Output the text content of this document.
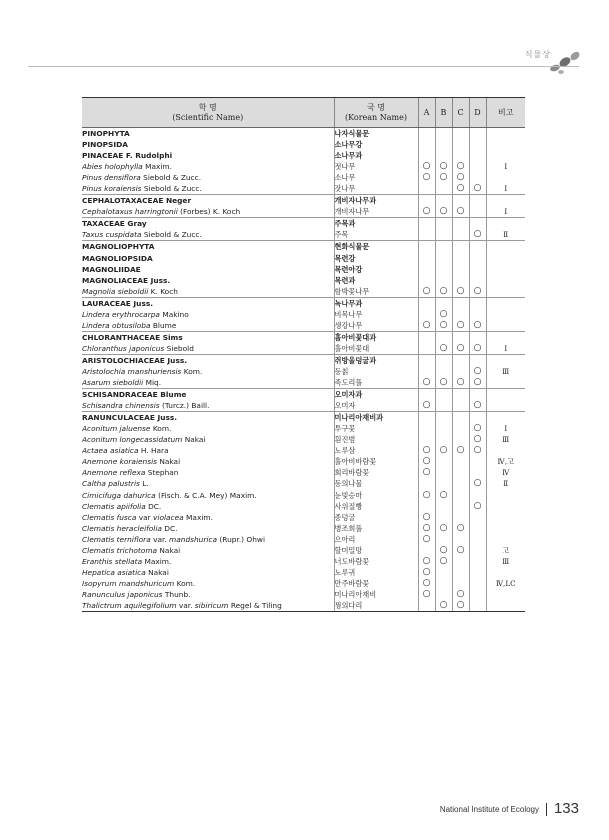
식물상
학 명
(Scientific Name)	국 명
(Korean Name)	A	B	C	D	비고
PINOPHYTA	나자식물문					
PINOPSIDA	소나무강					
PINACEAE F. Rudolphi	소나무과					
Abies holophylla Maxim.	젓나무	○	○	○		Ⅰ
Pinus densiflora Siebold & Zucc.	소나무	○	○	○		
Pinus koraiensis Siebold & Zucc.	잣나무			○	○	Ⅰ
CEPHALOTAXACEAE Neger	개비자나무과					
Cephalotaxus harringtonii (Forbes) K. Koch	개비자나무	○	○	○		Ⅰ
TAXACEAE Gray	주목과					
Taxus cuspidata Siebold & Zucc.	주목				○	Ⅱ
MAGNOLIOPHYTA	현화식물문					
MAGNOLIOPSIDA	목련강					
MAGNOLIIDAE	목련아강					
MAGNOLIACEAE Juss.	목련과					
Magnolia sieboldii K. Koch	함박꽃나무	○	○	○	○	
LAURACEAE Juss.	녹나무과					
Lindera erythrocarpa Makino	비목나무		○			
Lindera obtusiloba Blume	생강나무	○	○	○	○	
CHLORANTHACEAE Sims	홀아비꽃대과					
Chloranthus japonicus Siebold	홀아비꽃대		○	○	○	Ⅰ
ARISTOLOCHIACEAE Juss.	쥐방울덩굴과					
Aristolochia manshuriensis Kom.	등칡				○	Ⅲ
Asarum sieboldii Miq.	족도리풀	○	○	○	○	
SCHISANDRACEAE Blume	오미자과					
Schisandra chinensis (Turcz.) Baill.	오미자	○			○	
RANUNCULACEAE Juss.	미나리아재비과					
Aconitum jaluense Kom.	투구꽃				○	Ⅰ
Aconitum longecassidatum Nakai	흰진범				○	Ⅲ
Actaea asiatica H. Hara	노루삼	○	○	○	○	
Anemone koraiensis Nakai	홀아비바람꽃	○				Ⅳ,고
Anemone reflexa Stephan	회리바람꽃	○				Ⅳ
Caltha palustris L.	동의나물				○	Ⅱ
Cimicifuga dahurica (Fisch. & C.A. Mey) Maxim.	눈빛승마	○	○			
Clematis apiifolia DC.	사위질빵				○	
Clematis fusca var violacea Maxim.	종덩굴	○				
Clematis heracleifolia DC.	병조희풀	○	○	○		
Clematis terniflora var. mandshurica (Rupr.) Ohwi	으아리	○				
Clematis trichotoma Nakai	할미밀망		○	○		고
Eranthis stellata Maxim.	너도바람꽃	○	○			Ⅲ
Hepatica asiatica Nakai	노루귀	○				
Isopyrum mandshuricum Kom.	만주바람꽃	○				Ⅳ,LC
Ranunculus japonicus Thunb.	미나리아재비	○		○		
Thalictrum aquilegifolium var. sibiricum Regel & Tiling	꿩의다리		○	○		
National Institute of Ecology 133
